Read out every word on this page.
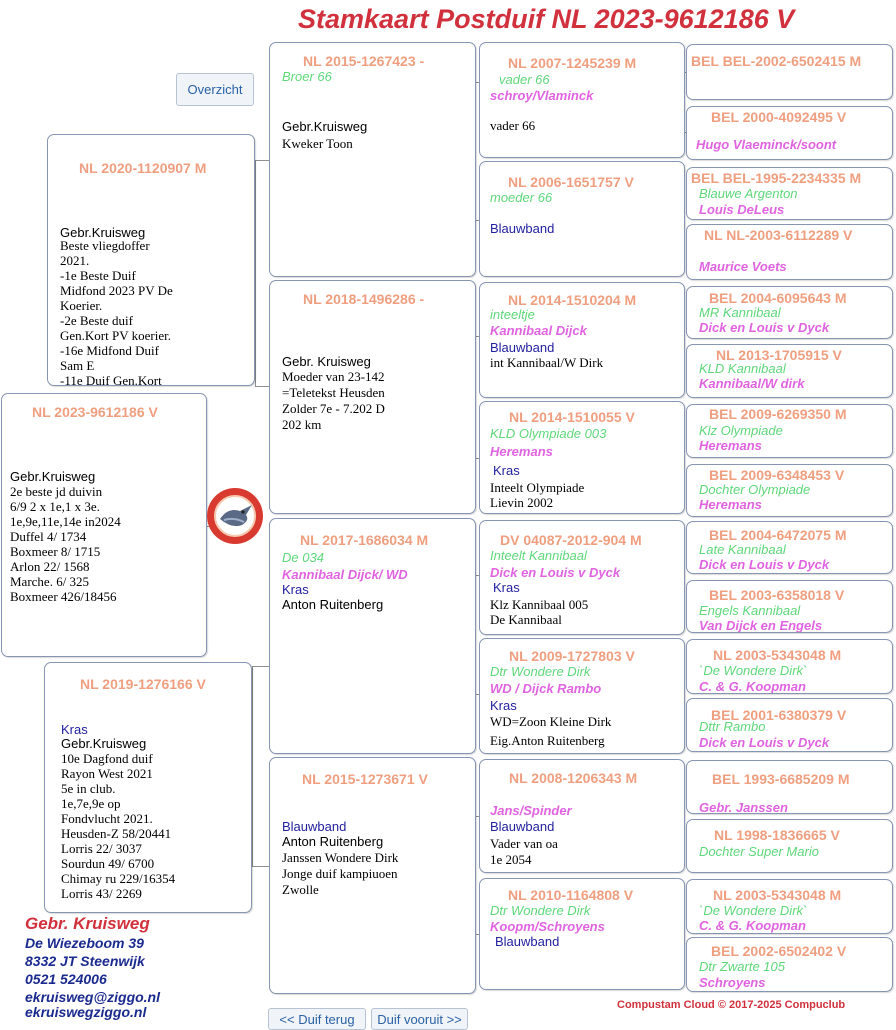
Stamkaart Postduif NL 2023-9612186 V
Overzicht
NL 2023-9612186 V
Gebr.Kruisweg
2e beste jd duivin
6/9 2 x 1e,1 x 3e.
1e,9e,11e,14e in2024
Duffel 4/ 1734
Boxmeer 8/ 1715
Arlon 22/ 1568
Marche. 6/ 325
Boxmeer 426/18456
NL 2020-1120907 M
Gebr.Kruisweg
Beste vliegdoffer
2021.
-1e Beste Duif
Midfond 2023 PV De
Koerier.
-2e Beste duif
Gen.Kort PV koerier.
-16e Midfond Duif
Sam E
-11e Duif Gen.Kort
NL 2019-1276166 V
Kras
Gebr.Kruisweg
10e Dagfond duif
Rayon West 2021
5e in club.
1e,7e,9e op
Fondvlucht 2021.
Heusden-Z 58/20441
Lorris 22/ 3037
Sourdun 49/ 6700
Chimay ru 229/16354
Lorris 43/ 2269
NL 2015-1267423 -
Broer 66
Gebr.Kruisweg
Kweker Toon
NL 2018-1496286 -
Gebr. Kruisweg
Moeder van 23-142
=Teletekst Heusden
Zolder 7e - 7.202 D
202 km
NL 2017-1686034 M
De 034
Kannibaal Dijck/ WD
Kras
Anton Ruitenberg
NL 2015-1273671 V
Blauwband
Anton Ruitenberg
Janssen Wondere Dirk
Jonge duif kampiuoen
Zwolle
NL 2007-1245239 M
vader 66
schroy/Vlaminck
vader 66
NL 2006-1651757 V
moeder 66
Blauwband
NL 2014-1510204 M
inteeltje
Kannibaal Dijck
Blauwband
int Kannibaal/W Dirk
NL 2014-1510055 V
KLD Olympiade 003
Heremans
Kras
Inteelt Olympiade
Lievin 2002
DV 04087-2012-904 M
Inteelt Kannibaal
Dick en Louis v Dyck
Kras
Klz Kannibaal 005
De Kannibaal
NL 2009-1727803 V
Dtr Wondere Dirk
WD / Dijck Rambo
Kras
WD=Zoon Kleine Dirk
Eig.Anton Ruitenberg
NL 2008-1206343 M
Jans/Spinder
Blauwband
Vader van oa
1e 2054
NL 2010-1164808 V
Dtr Wondere Dirk
Koopm/Schroyens
Blauwband
BEL BEL-2002-6502415 M
BEL 2000-4092495 V
Hugo Vlaeminck/soont
BEL BEL-1995-2234335 M
Blauwe Argenton
Louis DeLeus
NL NL-2003-6112289 V
Maurice Voets
BEL 2004-6095643 M
MR Kannibaal
Dick en Louis v Dyck
NL 2013-1705915 V
KLD Kannibaal
Kannibaal/W dirk
BEL 2009-6269350 M
Klz Olympiade
Heremans
BEL 2009-6348453 V
Dochter Olympiade
Heremans
BEL 2004-6472075 M
Late Kannibaal
Dick en Louis v Dyck
BEL 2003-6358018 V
Engels Kannibaal
Van Dijck en Engels
NL 2003-5343048 M
`De Wondere Dirk`
C. & G. Koopman
BEL 2001-6380379 V
Dttr Rambo
Dick en Louis v Dyck
BEL 1993-6685209 M
Gebr. Janssen
NL 1998-1836665 V
Dochter Super Mario
NL 2003-5343048 M
`De Wondere Dirk`
C. & G. Koopman
BEL 2002-6502402 V
Dtr Zwarte 105
Schroyens
Gebr. Kruisweg
De Wiezeboom 39
8332 JT Steenwijk
0521 524006
ekruisweg@ziggo.nl
ekruiswegziggo.nl	<< Duif terug	Duif vooruit >>
Compustam Cloud © 2017-2025 Compuclub
